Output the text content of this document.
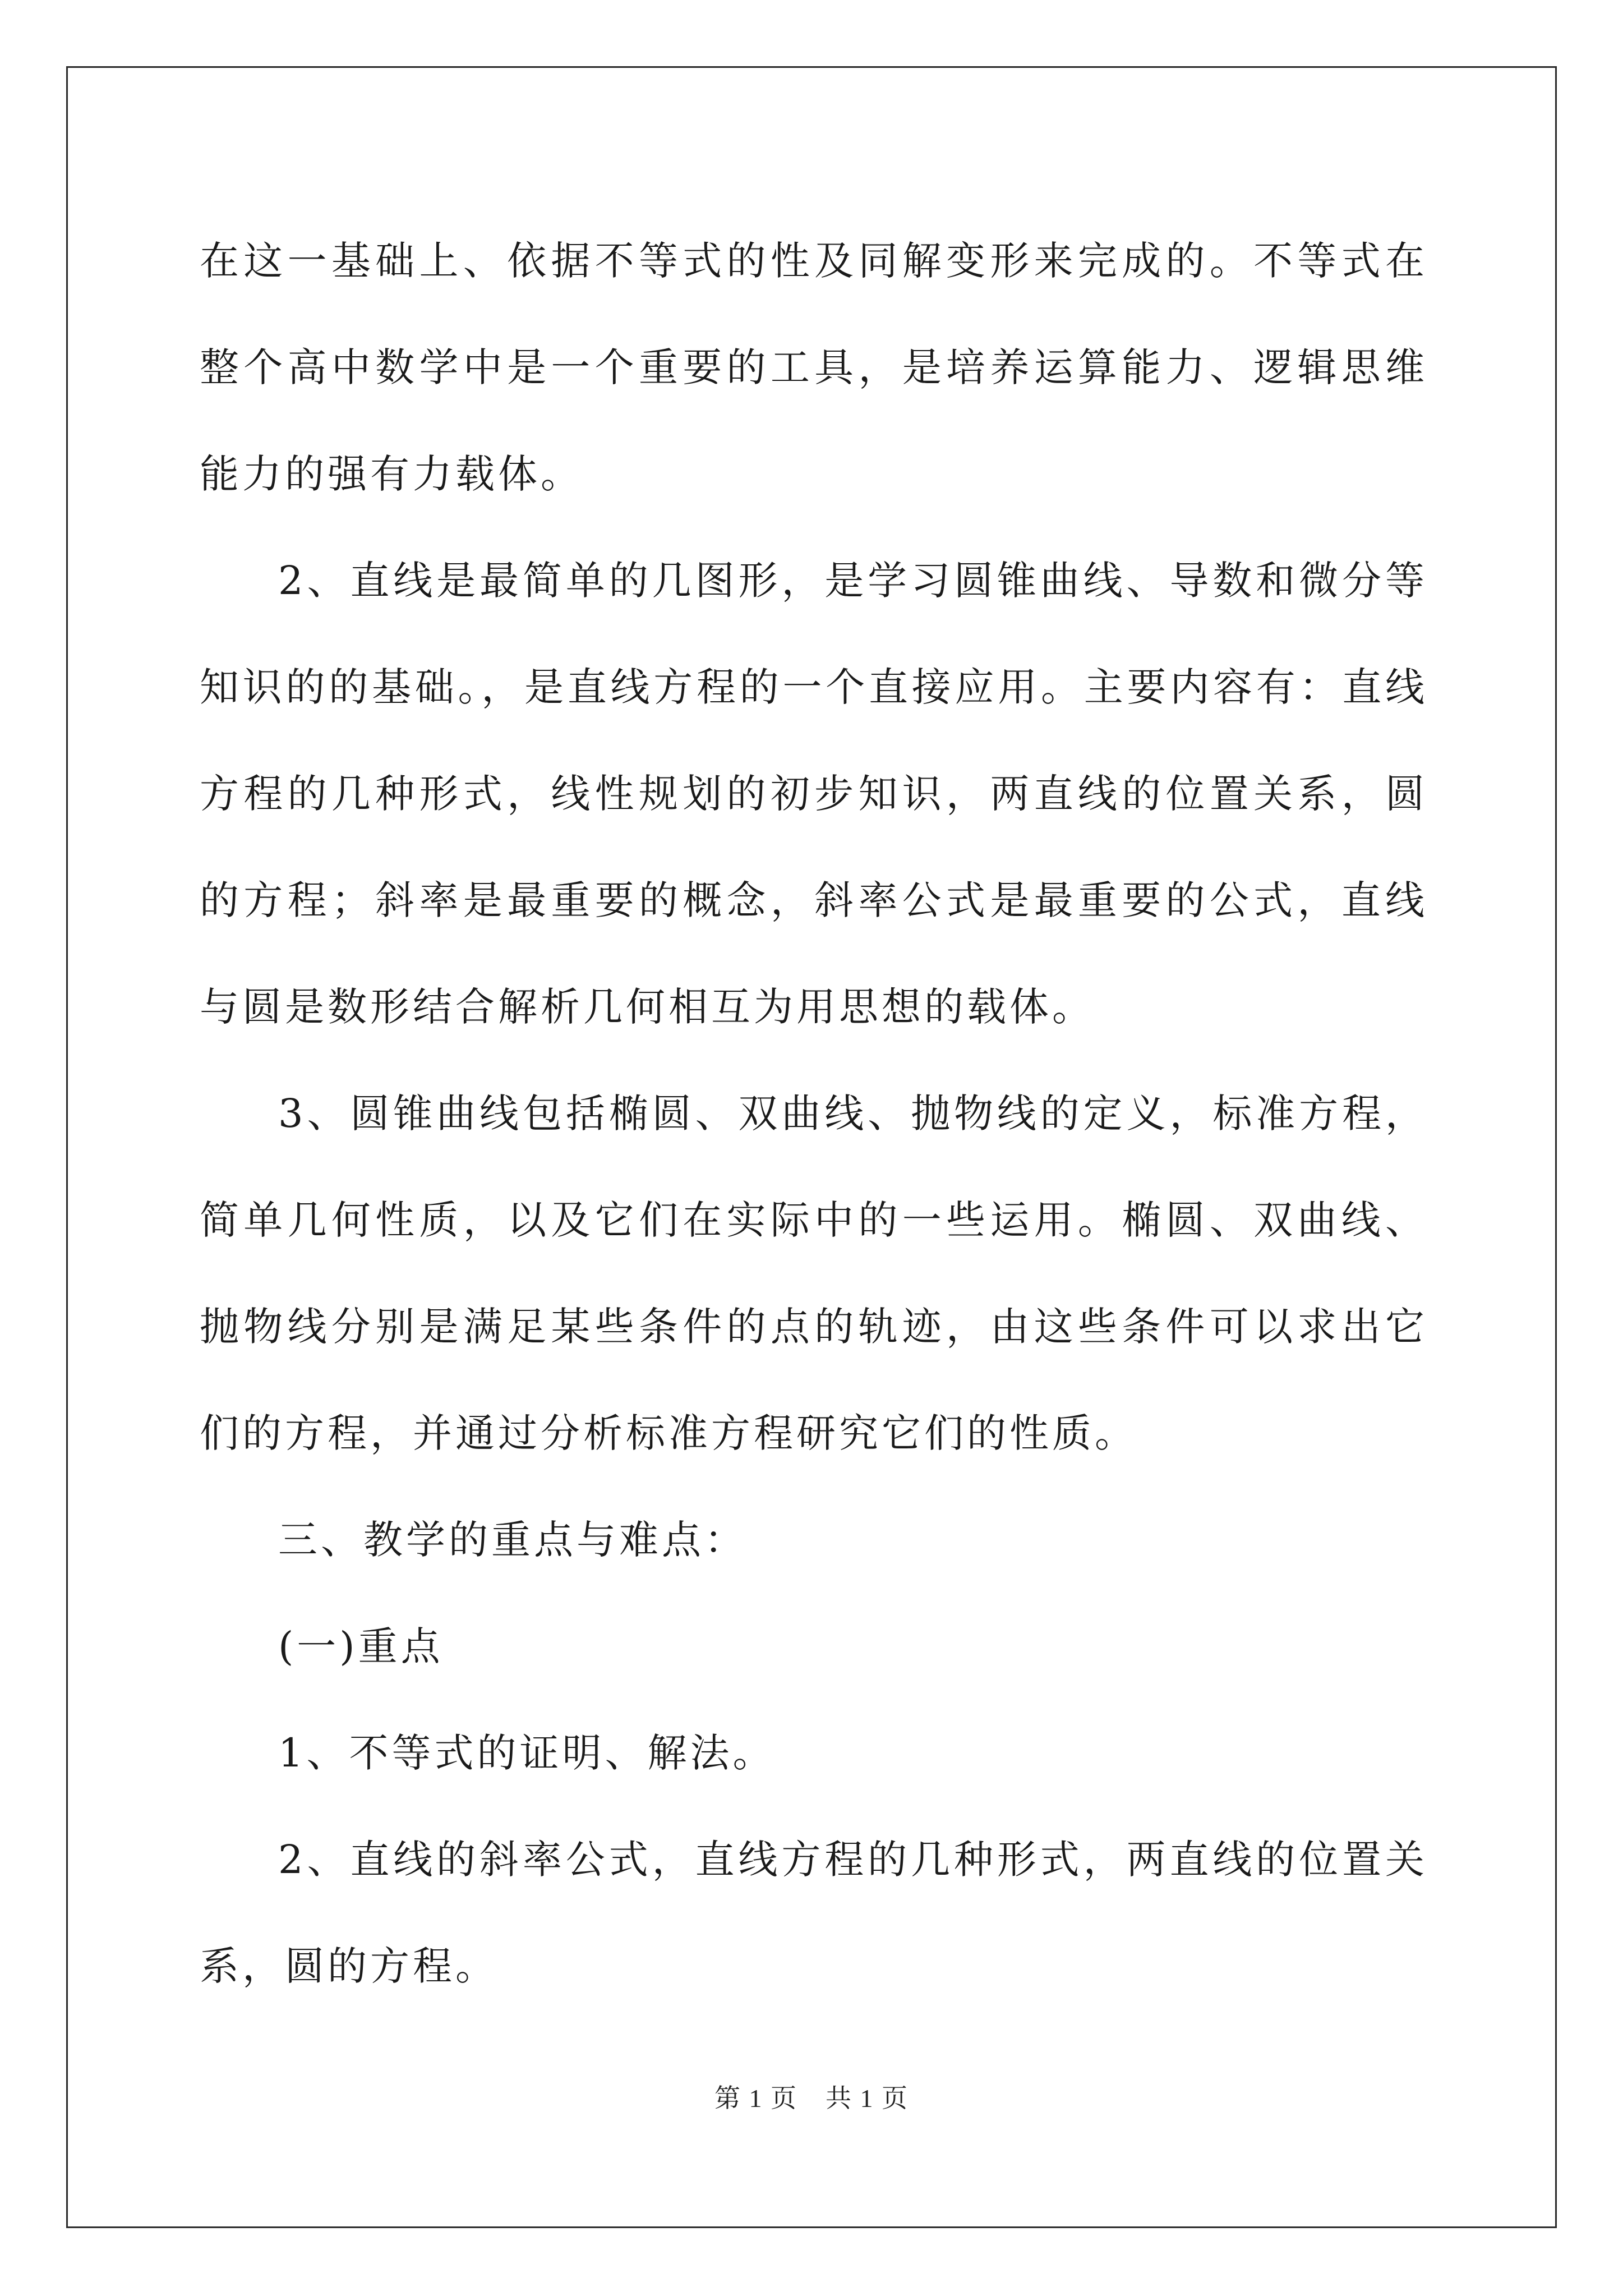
在这一基础上、依据不等式的性及同解变形来完成的。不等式在整个高中数学中是一个重要的工具，是培养运算能力、逻辑思维能力的强有力载体。

2、直线是最简单的几图形，是学习圆锥曲线、导数和微分等知识的的基础。，是直线方程的一个直接应用。主要内容有：直线方程的几种形式，线性规划的初步知识，两直线的位置关系，圆的方程；斜率是最重要的概念，斜率公式是最重要的公式，直线与圆是数形结合解析几何相互为用思想的载体。

3、圆锥曲线包括椭圆、双曲线、抛物线的定义，标准方程，简单几何性质，以及它们在实际中的一些运用。椭圆、双曲线、抛物线分别是满足某些条件的点的轨迹，由这些条件可以求出它们的方程，并通过分析标准方程研究它们的性质。

三、教学的重点与难点：

(一)重点

1、不等式的证明、解法。

2、直线的斜率公式，直线方程的几种形式，两直线的位置关系，圆的方程。

第 1 页 共 1 页
